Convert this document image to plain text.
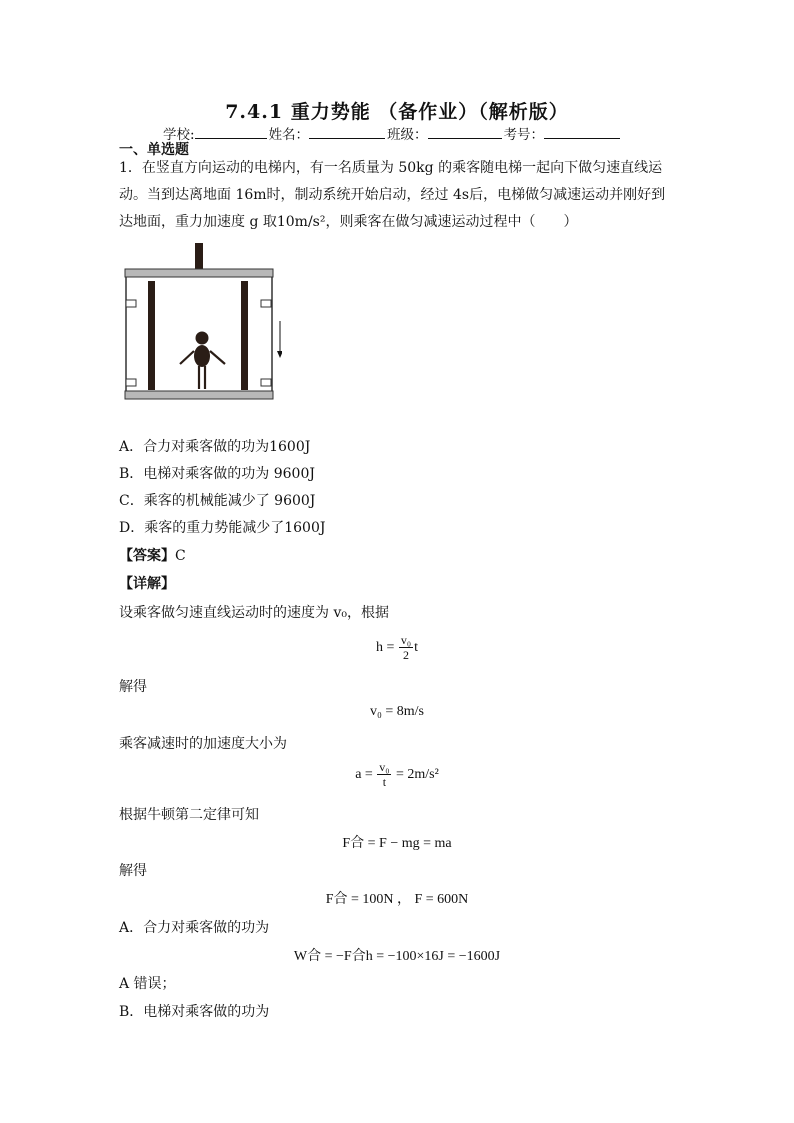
7.4.1 重力势能 （备作业）（解析版）
学校:	姓名：	班级：	考号：
一、单选题
1．在竖直方向运动的电梯内，有一名质量为 50kg 的乘客随电梯一起向下做匀速直线运动。当到达离地面 16m时，制动系统开始启动，经过 4s后，电梯做匀减速运动并刚好到达地面，重力加速度 g 取10m/s²，则乘客在做匀减速运动过程中（　　）
A．合力对乘客做的功为1600J
B．电梯对乘客做的功为 9600J
C．乘客的机械能减少了 9600J
D．乘客的重力势能减少了1600J
【答案】C
【详解】
设乘客做匀速直线运动时的速度为 v₀，根据
$h = \frac{\text{v₀}}{2}$ t
解得
v₀ = 8m/s
乘客减速时的加速度大小为
$a = \frac{\text{v₀}}{t} = 2m/s^2$
根据牛顿第二定律可知
F合 = F − mg = ma
解得
F合 = 100N ， F = 600N
A．合力对乘客做的功为
W合 = −F合h = −100×16J = −1600J
A 错误；
B．电梯对乘客做的功为
